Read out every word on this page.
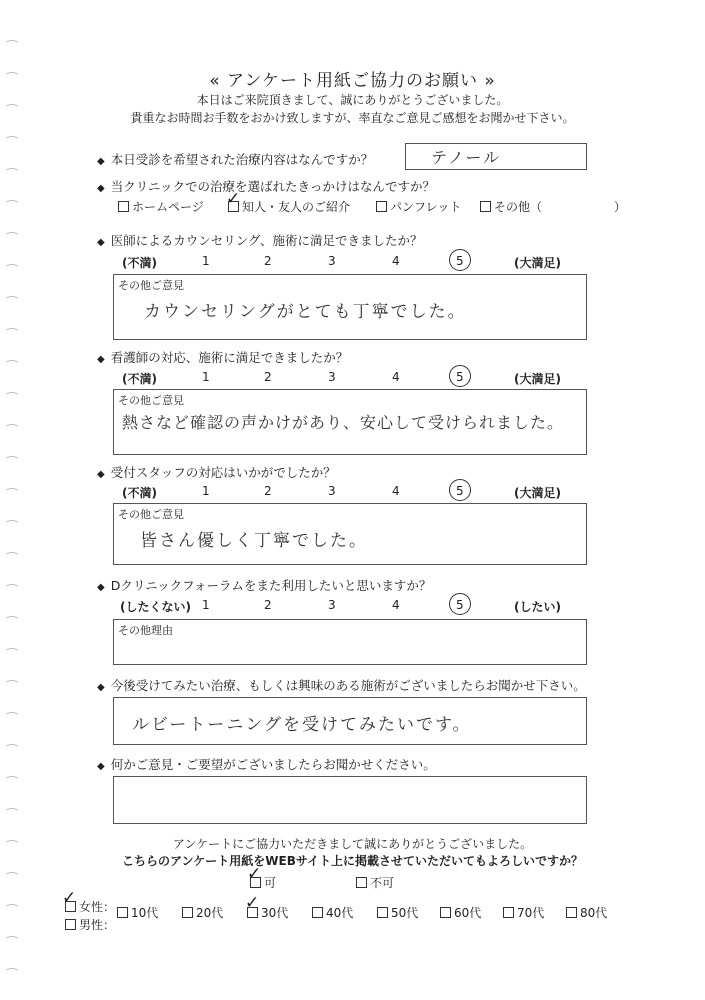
« アンケート用紙ご協力のお願い »
本日はご来院頂きまして、誠にありがとうございました。
貴重なお時間お手数をおかけ致しますが、率直なご意見ご感想をお聞かせ下さい。
◆ 本日受診を希望された治療内容はなんですか？	テノール
◆ 当クリニックでの治療を選ばれたきっかけはなんですか？
ホームページ	知人・友人のご紹介
✓	パンフレット	その他（	）
◆ 医師によるカウンセリング、施術に満足できましたか？
(不満)	1	2	3	4	5	(大満足)
その他ご意見
カウンセリングがとても丁寧でした。
◆ 看護師の対応、施術に満足できましたか？
(不満)	1	2	3	4	5	(大満足)
その他ご意見
熱さなど確認の声かけがあり、安心して受けられました。
◆ 受付スタッフの対応はいかがでしたか？
(不満)	1	2	3	4	5	(大満足)
その他ご意見
皆さん優しく丁寧でした。
◆ Dクリニックフォーラムをまた利用したいと思いますか？
(したくない) 1	2	3	4	5	(したい)
その他理由
◆ 今後受けてみたい治療、もしくは興味のある施術がございましたらお聞かせ下さい。
ルビートーニングを受けてみたいです。
◆ 何かご意見・ご要望がございましたらお聞かせください。
アンケートにご協力いただきまして誠にありがとうございました。
こちらのアンケート用紙をWEBサイト上に掲載させていただいてもよろしいですか？
可
✓	不可
女性：
✓
男性：
10代	20代	30代
✓	40代	50代	60代	70代	80代
